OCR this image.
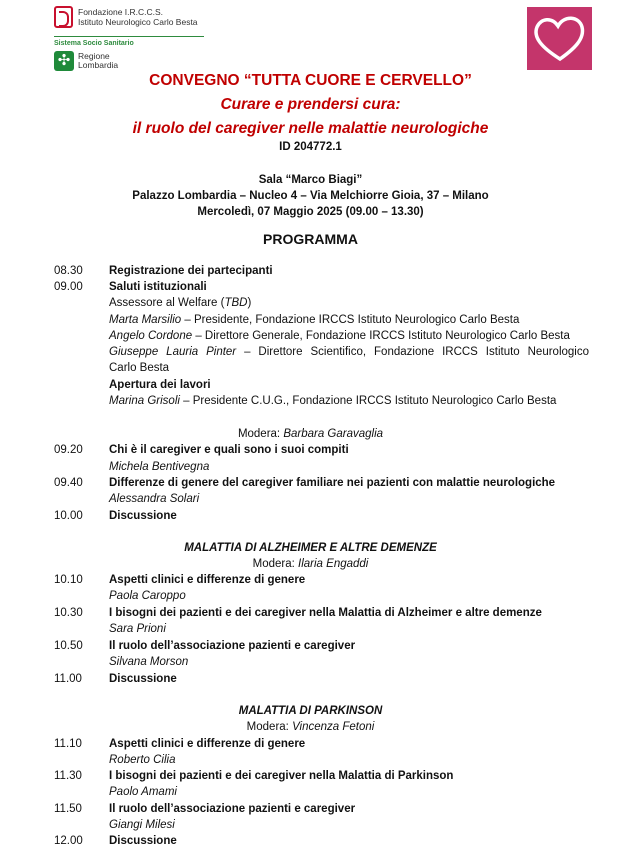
Fondazione I.R.C.C.S.
Istituto Neurologico Carlo Besta
Sistema Socio Sanitario
✣ Regione
Lombardia
CONVEGNO “TUTTA CUORE E CERVELLO”
Curare e prendersi cura:
il ruolo del caregiver nelle malattie neurologiche
ID 204772.1
Sala “Marco Biagi”
Palazzo Lombardia – Nucleo 4 – Via Melchiorre Gioia, 37 – Milano
Mercoledì, 07 Maggio 2025 (09.00 – 13.30)
PROGRAMMA
08.30 Registrazione dei partecipanti
09.00 Saluti istituzionali
Assessore al Welfare (TBD)
Marta Marsilio – Presidente, Fondazione IRCCS Istituto Neurologico Carlo Besta
Angelo Cordone – Direttore Generale, Fondazione IRCCS Istituto Neurologico Carlo Besta
Giuseppe Lauria Pinter – Direttore Scientifico, Fondazione IRCCS Istituto Neurologico
Carlo Besta
Apertura dei lavori
Marina Grisoli – Presidente C.U.G., Fondazione IRCCS Istituto Neurologico Carlo Besta
Modera: Barbara Garavaglia
09.20 Chi è il caregiver e quali sono i suoi compiti
Michela Bentivegna
09.40 Differenze di genere del caregiver familiare nei pazienti con malattie neurologiche
Alessandra Solari
10.00 Discussione
MALATTIA DI ALZHEIMER E ALTRE DEMENZE
Modera: Ilaria Engaddi
10.10 Aspetti clinici e differenze di genere
Paola Caroppo
10.30 I bisogni dei pazienti e dei caregiver nella Malattia di Alzheimer e altre demenze
Sara Prioni
10.50 Il ruolo dell’associazione pazienti e caregiver
Silvana Morson
11.00 Discussione
MALATTIA DI PARKINSON
Modera: Vincenza Fetoni
11.10 Aspetti clinici e differenze di genere
Roberto Cilia
11.30 I bisogni dei pazienti e dei caregiver nella Malattia di Parkinson
Paolo Amami
11.50 Il ruolo dell’associazione pazienti e caregiver
Giangi Milesi
12.00 Discussione
